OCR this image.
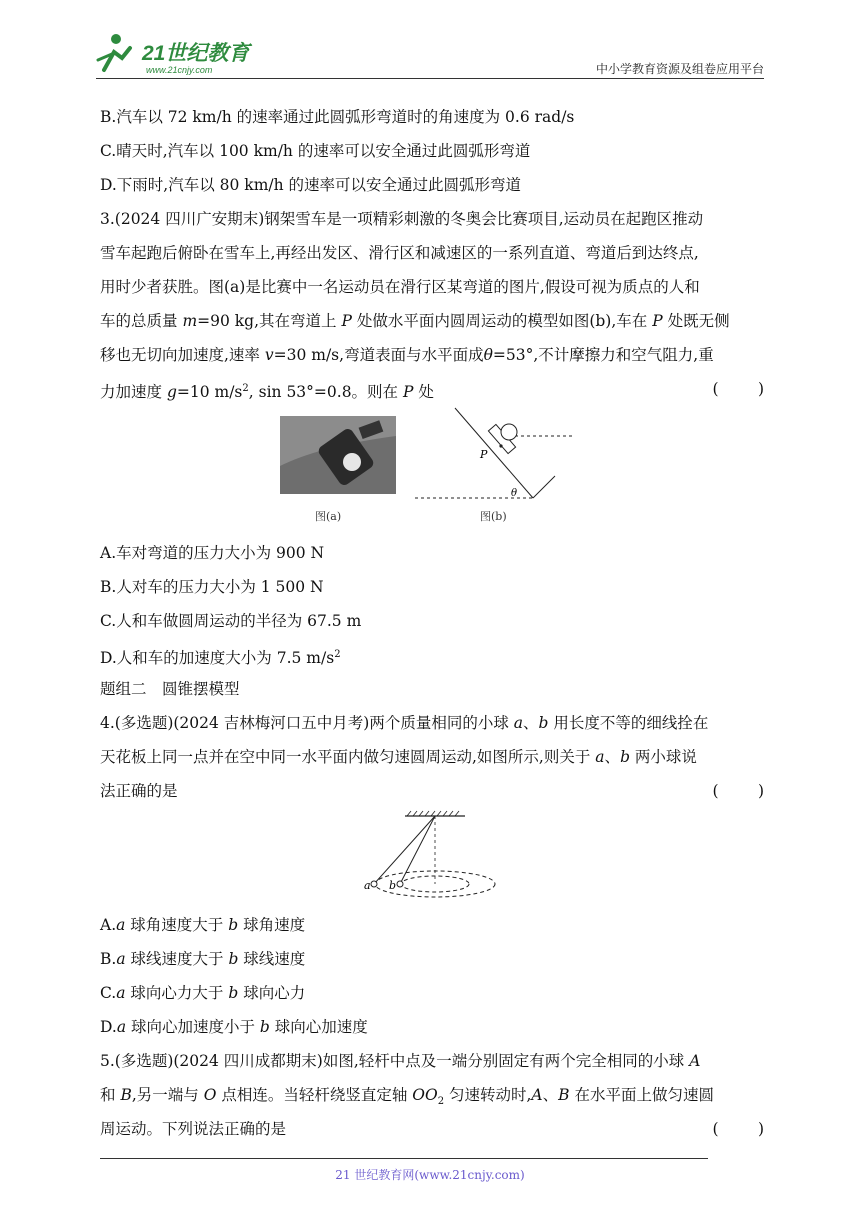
21世纪教育
www.21cnjy.com	中小学教育资源及组卷应用平台
B.汽车以 72 km/h 的速率通过此圆弧形弯道时的角速度为 0.6 rad/s
C.晴天时,汽车以 100 km/h 的速率可以安全通过此圆弧形弯道
D.下雨时,汽车以 80 km/h 的速率可以安全通过此圆弧形弯道
3.(2024 四川广安期末)钢架雪车是一项精彩刺激的冬奥会比赛项目,运动员在起跑区推动
雪车起跑后俯卧在雪车上,再经出发区、滑行区和减速区的一系列直道、弯道后到达终点,
用时少者获胜。图(a)是比赛中一名运动员在滑行区某弯道的图片,假设可视为质点的人和
车的总质量 m=90 kg,其在弯道上 P 处做水平面内圆周运动的模型如图(b),车在 P 处既无侧
移也无切向加速度,速率 v=30 m/s,弯道表面与水平面成θ=53°,不计摩擦力和空气阻力,重
力加速度 g=10 $m/s^2$, sin 53°=0.8。则在 P 处	(        )
图(a)
P
θ
图(b)
A.车对弯道的压力大小为 900 N
B.人对车的压力大小为 1 500 N
C.人和车做圆周运动的半径为 67.5 m
D.人和车的加速度大小为 7.5 $m/s^2$
题组二　圆锥摆模型
4.(多选题)(2024 吉林梅河口五中月考)两个质量相同的小球 a、b 用长度不等的细线拴在
天花板上同一点并在空中同一水平面内做匀速圆周运动,如图所示,则关于 a、b 两小球说
法正确的是	(        )
a b
A.a 球角速度大于 b 球角速度
B.a 球线速度大于 b 球线速度
C.a 球向心力大于 b 球向心力
D.a 球向心加速度小于 b 球向心加速度
5.(多选题)(2024 四川成都期末)如图,轻杆中点及一端分别固定有两个完全相同的小球 A
和 B,另一端与 O 点相连。当轻杆绕竖直定轴 $OO_2$ 匀速转动时,A、B 在水平面上做匀速圆
周运动。下列说法正确的是	(        )
21 世纪教育网(www.21cnjy.com)
